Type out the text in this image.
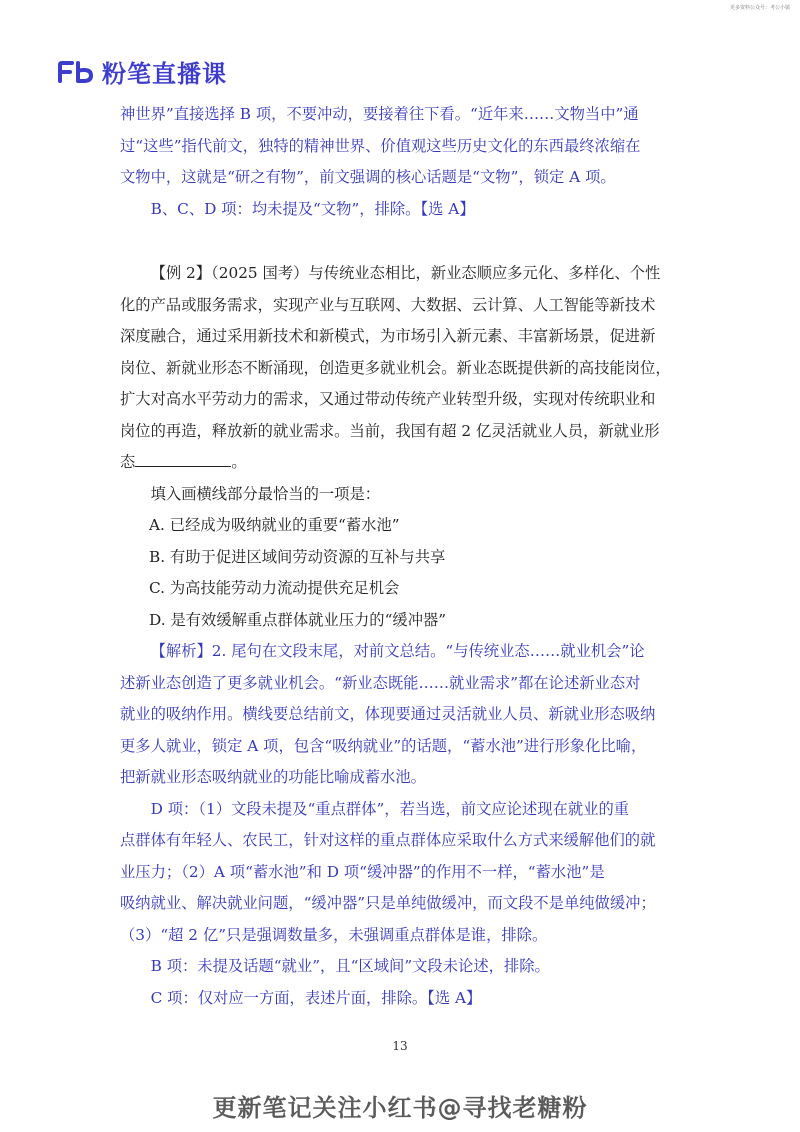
更多资料公众号：考公小镇
粉笔直播课

神世界”直接选择 B 项，不要冲动，要接着往下看。“近年来……文物当中”通

过“这些”指代前文，独特的精神世界、价值观这些历史文化的东西最终浓缩在

文物中，这就是“研之有物”，前文强调的核心话题是“文物”，锁定 A 项。

B、C、D 项：均未提及“文物”，排除。【选 A】

【例 2】（2025 国考）与传统业态相比，新业态顺应多元化、多样化、个性

化的产品或服务需求，实现产业与互联网、大数据、云计算、人工智能等新技术

深度融合，通过采用新技术和新模式，为市场引入新元素、丰富新场景，促进新

岗位、新就业形态不断涌现，创造更多就业机会。新业态既提供新的高技能岗位，

扩大对高水平劳动力的需求，又通过带动传统产业转型升级，实现对传统职业和

岗位的再造，释放新的就业需求。当前，我国有超 2 亿灵活就业人员，新就业形

态	。

填入画横线部分最恰当的一项是：

A. 已经成为吸纳就业的重要“蓄水池”

B. 有助于促进区域间劳动资源的互补与共享

C. 为高技能劳动力流动提供充足机会

D. 是有效缓解重点群体就业压力的“缓冲器”

【解析】2. 尾句在文段末尾，对前文总结。“与传统业态……就业机会”论

述新业态创造了更多就业机会。“新业态既能……就业需求”都在论述新业态对

就业的吸纳作用。横线要总结前文，体现要通过灵活就业人员、新就业形态吸纳

更多人就业，锁定 A 项，包含“吸纳就业”的话题，“蓄水池”进行形象化比喻，

把新就业形态吸纳就业的功能比喻成蓄水池。

D 项：（1）文段未提及“重点群体”，若当选，前文应论述现在就业的重

点群体有年轻人、农民工，针对这样的重点群体应采取什么方式来缓解他们的就

业压力；（2）A 项“蓄水池”和 D 项“缓冲器”的作用不一样，“蓄水池”是

吸纳就业、解决就业问题，“缓冲器”只是单纯做缓冲，而文段不是单纯做缓冲；

（3）“超 2 亿”只是强调数量多，未强调重点群体是谁，排除。

B 项：未提及话题“就业”，且“区域间”文段未论述，排除。

C 项：仅对应一方面，表述片面，排除。【选 A】

13
更新笔记关注小红书@寻找老糖粉
